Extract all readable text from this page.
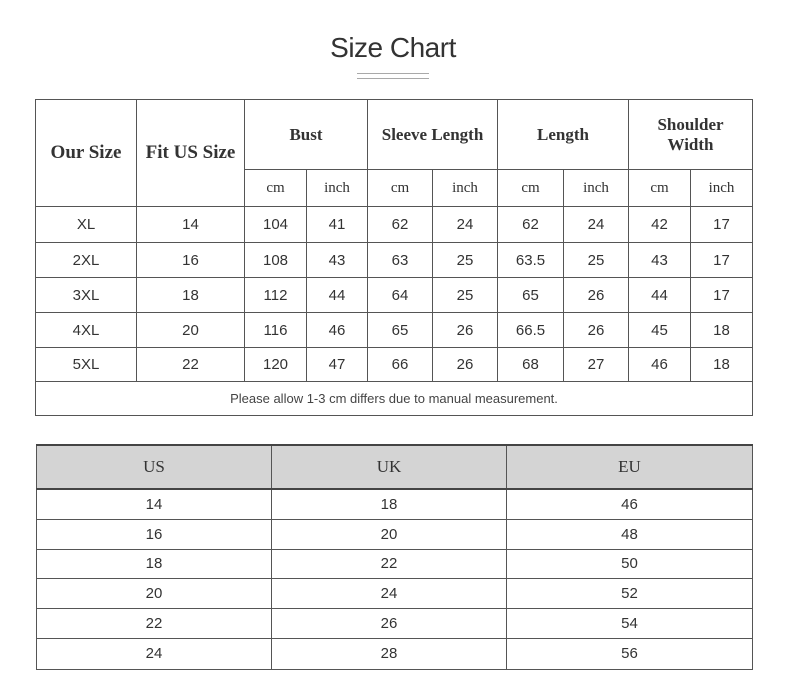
Size Chart
Our Size	Fit US Size	Bust		Sleeve Length		Length		Shoulder Width	

		cm	inch	cm	inch	cm	inch	cm	inch
XL	14	104	41	62	24	62	24	42	17
2XL	16	108	43	63	25	63.5	25	43	17
3XL	18	112	44	64	25	65	26	44	17
4XL	20	116	46	65	26	66.5	26	45	18
5XL	22	120	47	66	26	68	27	46	18
Please allow 1-3 cm differs due to manual measurement.									
US	UK	EU
14	18	46
16	20	48
18	22	50
20	24	52
22	26	54
24	28	56
